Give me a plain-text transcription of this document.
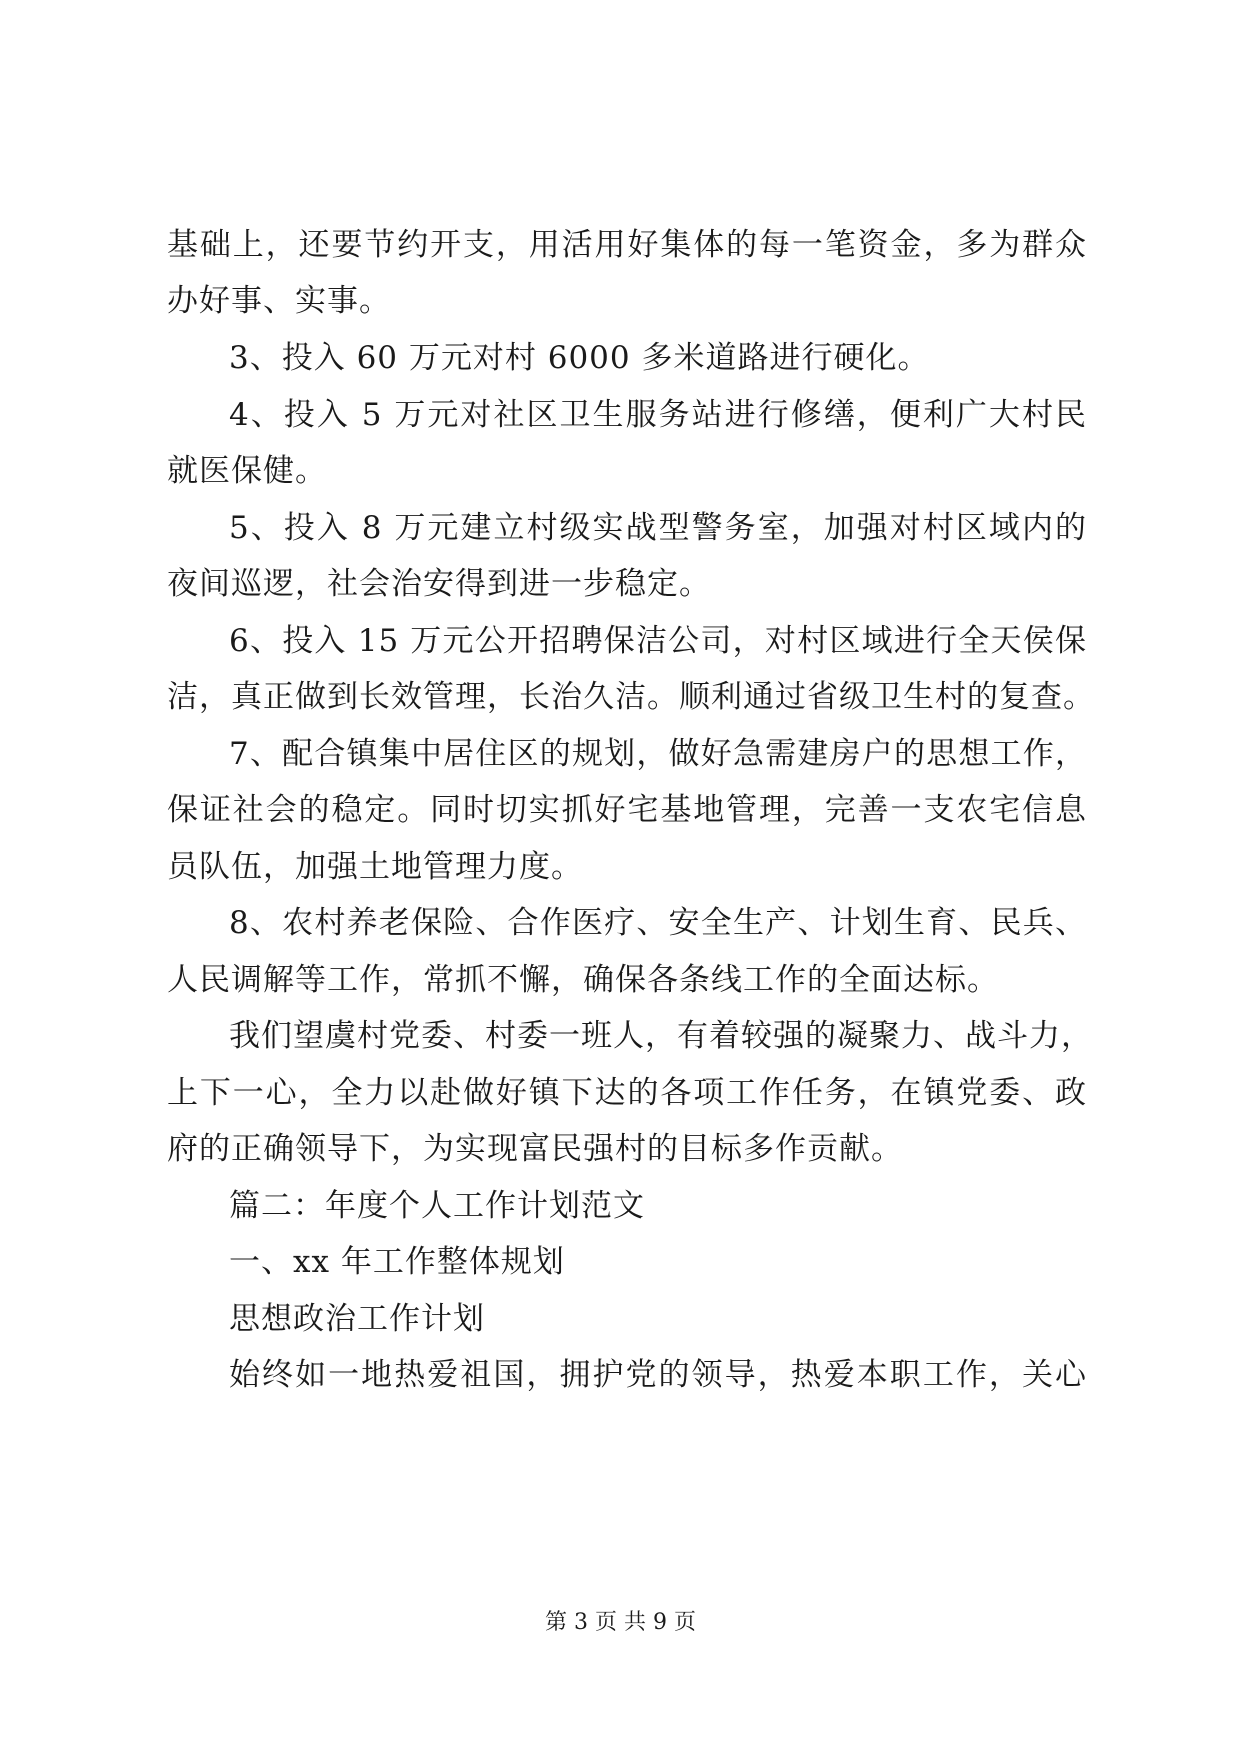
基础上，还要节约开支，用活用好集体的每一笔资金，多为群众
办好事、实事。
3、投入 60 万元对村 6000 多米道路进行硬化。
4、投入 5 万元对社区卫生服务站进行修缮，便利广大村民
就医保健。
5、投入 8 万元建立村级实战型警务室，加强对村区域内的
夜间巡逻，社会治安得到进一步稳定。
6、投入 15 万元公开招聘保洁公司，对村区域进行全天侯保
洁，真正做到长效管理，长治久洁。顺利通过省级卫生村的复查。
7、配合镇集中居住区的规划，做好急需建房户的思想工作，
保证社会的稳定。同时切实抓好宅基地管理，完善一支农宅信息
员队伍，加强土地管理力度。
8、农村养老保险、合作医疗、安全生产、计划生育、民兵、
人民调解等工作，常抓不懈，确保各条线工作的全面达标。
我们望虞村党委、村委一班人，有着较强的凝聚力、战斗力，
上下一心，全力以赴做好镇下达的各项工作任务，在镇党委、政
府的正确领导下，为实现富民强村的目标多作贡献。
篇二：年度个人工作计划范文
一、xx 年工作整体规划
思想政治工作计划
始终如一地热爱祖国，拥护党的领导，热爱本职工作，关心
第 3 页 共 9 页
